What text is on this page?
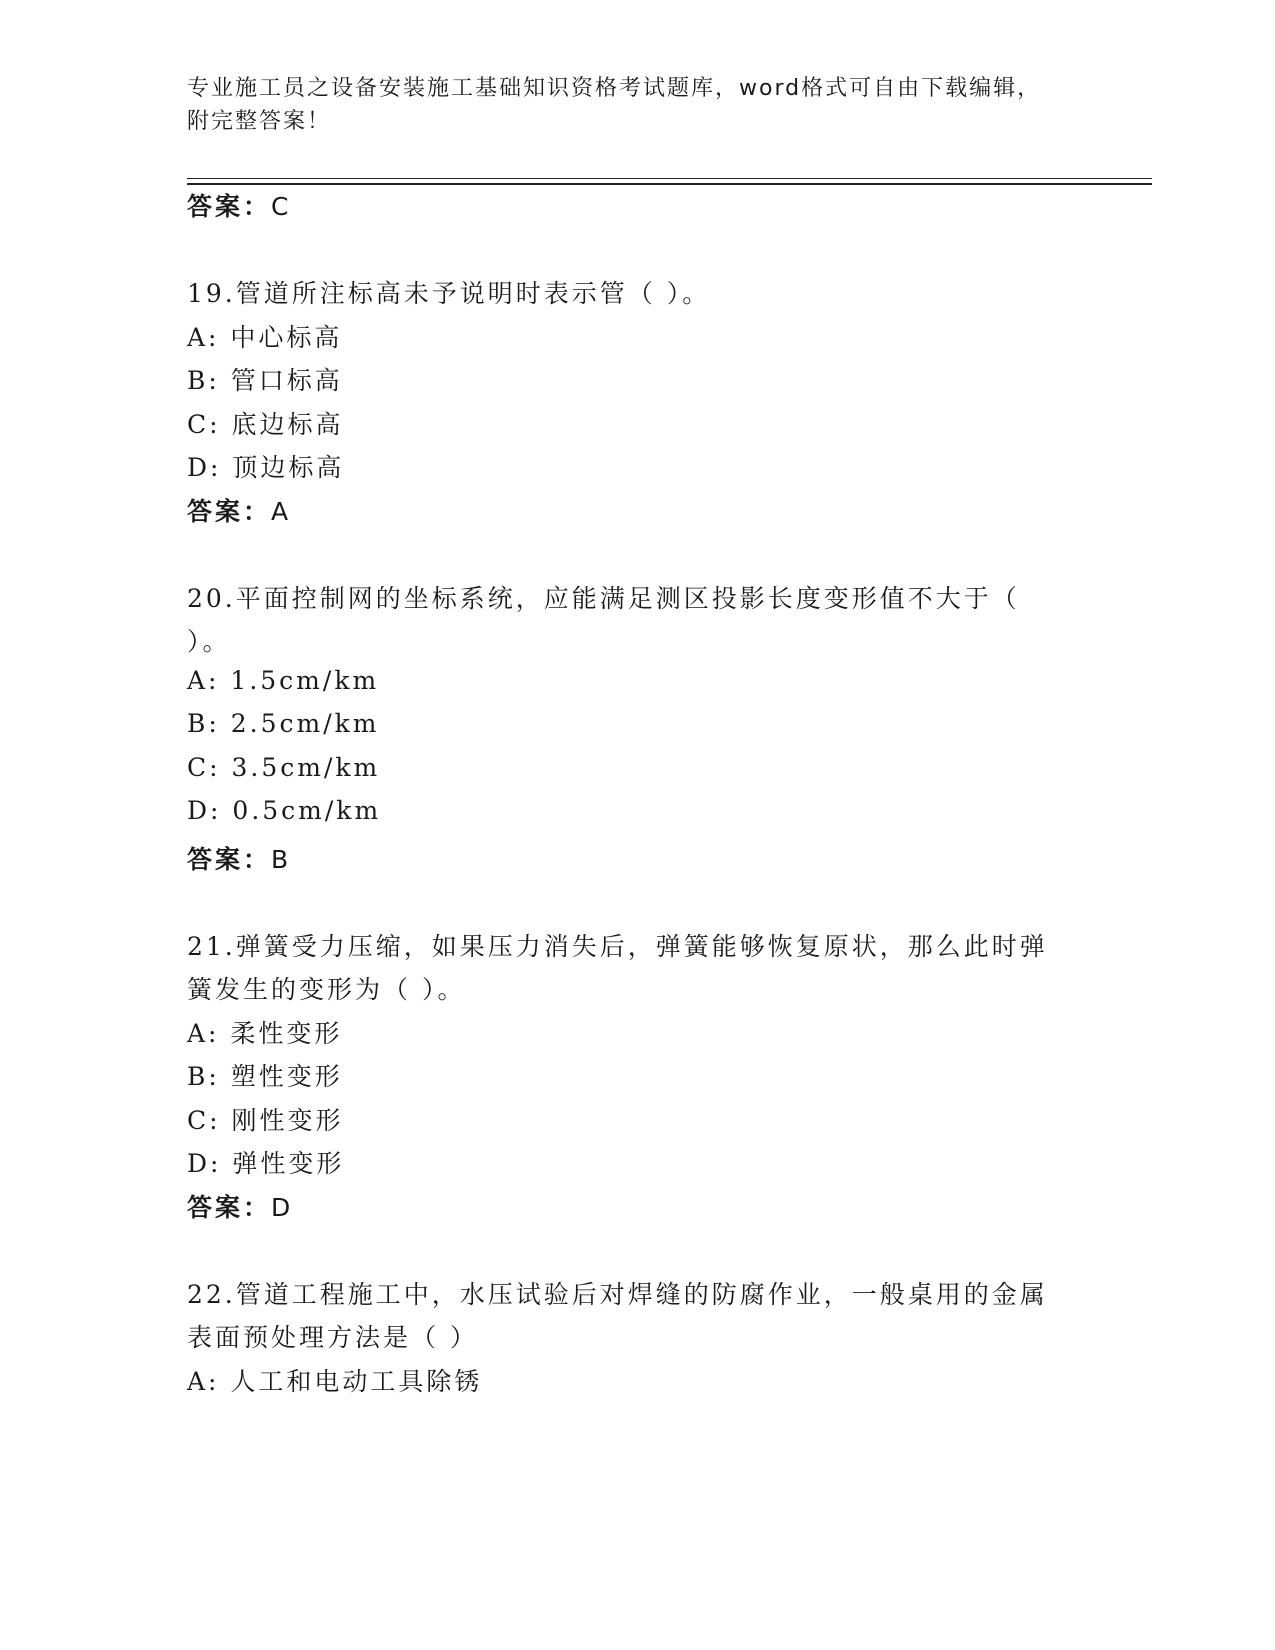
专业施工员之设备安装施工基础知识资格考试题库，word格式可自由下载编辑，
附完整答案！
答案：C
19.管道所注标高未予说明时表示管（ ）。
A: 中心标高
B: 管口标高
C: 底边标高
D: 顶边标高
答案：A
20.平面控制网的坐标系统，应能满足测区投影长度变形值不大于（
）。
A: 1.5cm/km
B: 2.5cm/km
C: 3.5cm/km
D: 0.5cm/km
答案：B
21.弹簧受力压缩，如果压力消失后，弹簧能够恢复原状，那么此时弹
簧发生的变形为（ ）。
A: 柔性变形
B: 塑性变形
C: 刚性变形
D: 弹性变形
答案：D
22.管道工程施工中，水压试验后对焊缝的防腐作业，一般桌用的金属
表面预处理方法是（ ）
A: 人工和电动工具除锈
